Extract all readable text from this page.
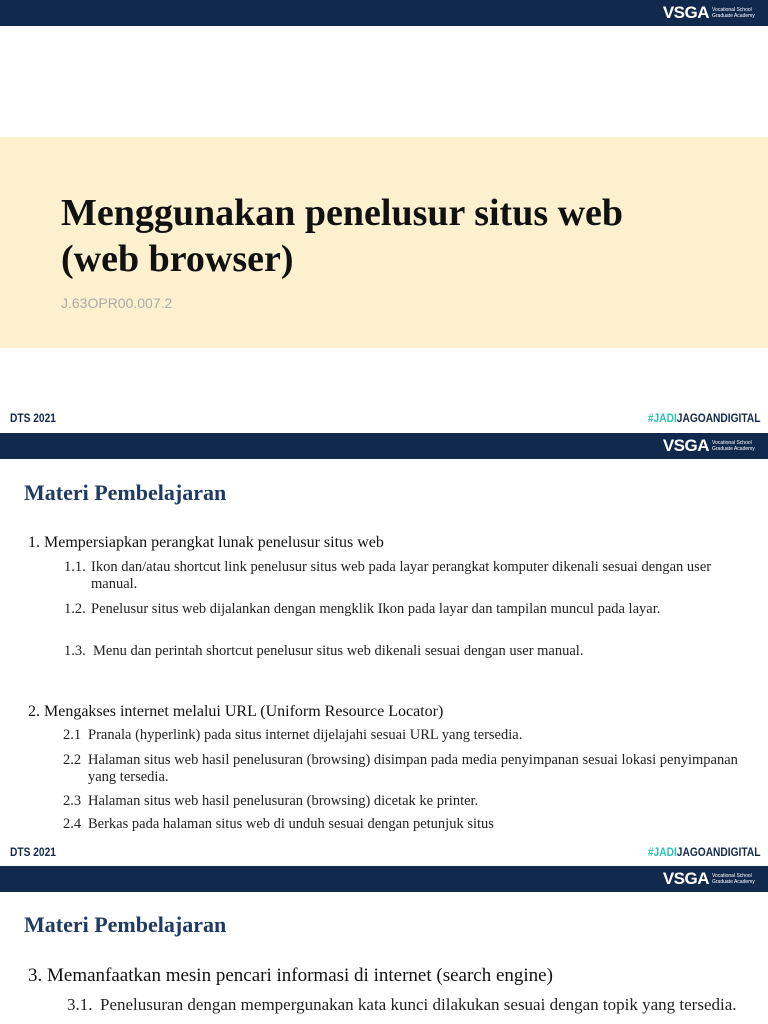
VSGA Vocational School
Graduate Academy
Menggunakan penelusur situs web
(web browser)
J.63OPR00.007.2
DTS 2021	#JADIJAGOANDIGITAL
VSGA Vocational School
Graduate Academy
Materi Pembelajaran
1. Mempersiapkan perangkat lunak penelusur situs web
1.1. Ikon dan/atau shortcut link penelusur situs web pada layar perangkat komputer dikenali sesuai dengan user manual.
1.2. Penelusur situs web dijalankan dengan mengklik Ikon pada layar dan tampilan muncul pada layar.
1.3. Menu dan perintah shortcut penelusur situs web dikenali sesuai dengan user manual.
2. Mengakses internet melalui URL (Uniform Resource Locator)
2.1 Pranala (hyperlink) pada situs internet dijelajahi sesuai URL yang tersedia.
2.2 Halaman situs web hasil penelusuran (browsing) disimpan pada media penyimpanan sesuai lokasi penyimpanan yang tersedia.
2.3 Halaman situs web hasil penelusuran (browsing) dicetak ke printer.
2.4 Berkas pada halaman situs web di unduh sesuai dengan petunjuk situs
DTS 2021	#JADIJAGOANDIGITAL
VSGA Vocational School
Graduate Academy
Materi Pembelajaran
3. Memanfaatkan mesin pencari informasi di internet (search engine)
3.1. Penelusuran dengan mempergunakan kata kunci dilakukan sesuai dengan topik yang tersedia.
